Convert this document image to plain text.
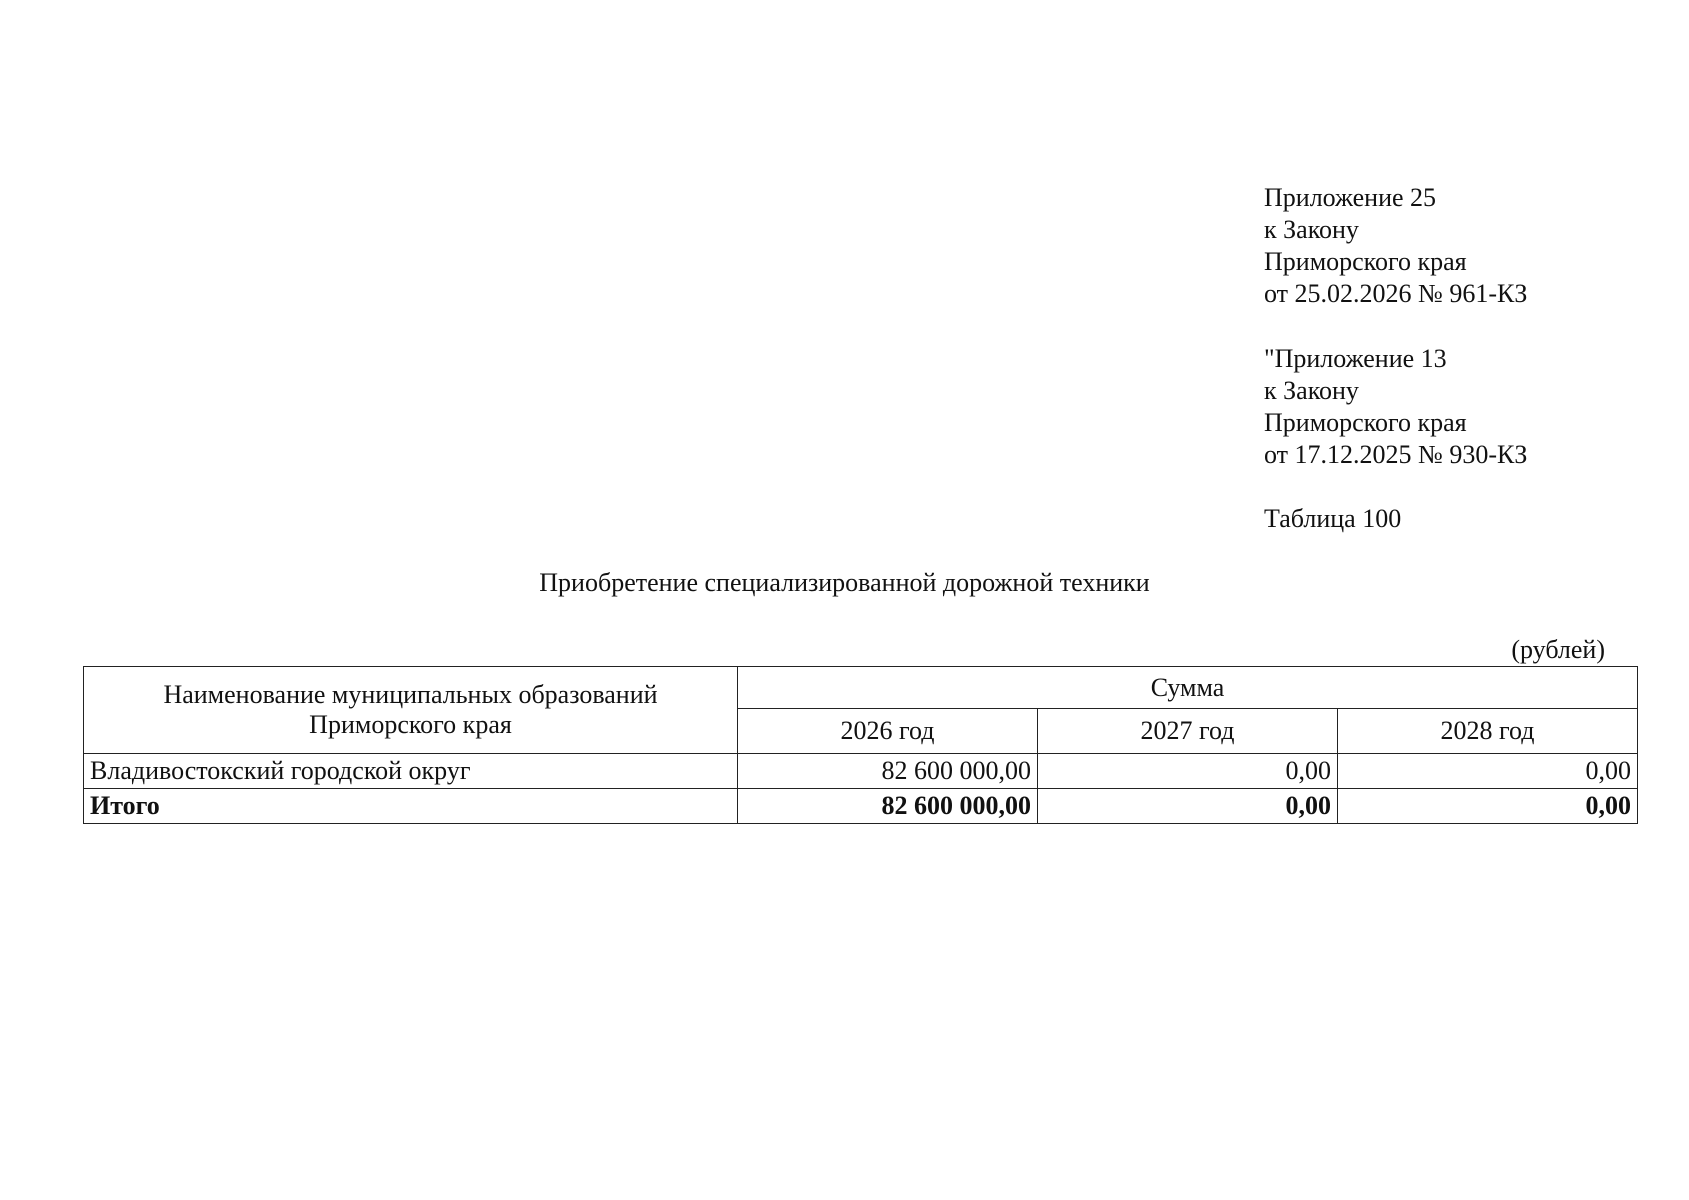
Приложение 25
к Закону
Приморского края
от 25.02.2026 № 961-КЗ
"Приложение 13
к Закону
Приморского края
от 17.12.2025 № 930-КЗ
Таблица 100
Приобретение специализированной дорожной техники
(рублей)
Наименование муниципальных образований
Приморского края	Сумма		
	2026 год	2027 год	2028 год
Владивостокский городской округ	82 600 000,00	0,00	0,00
Итого	82 600 000,00	0,00	0,00
